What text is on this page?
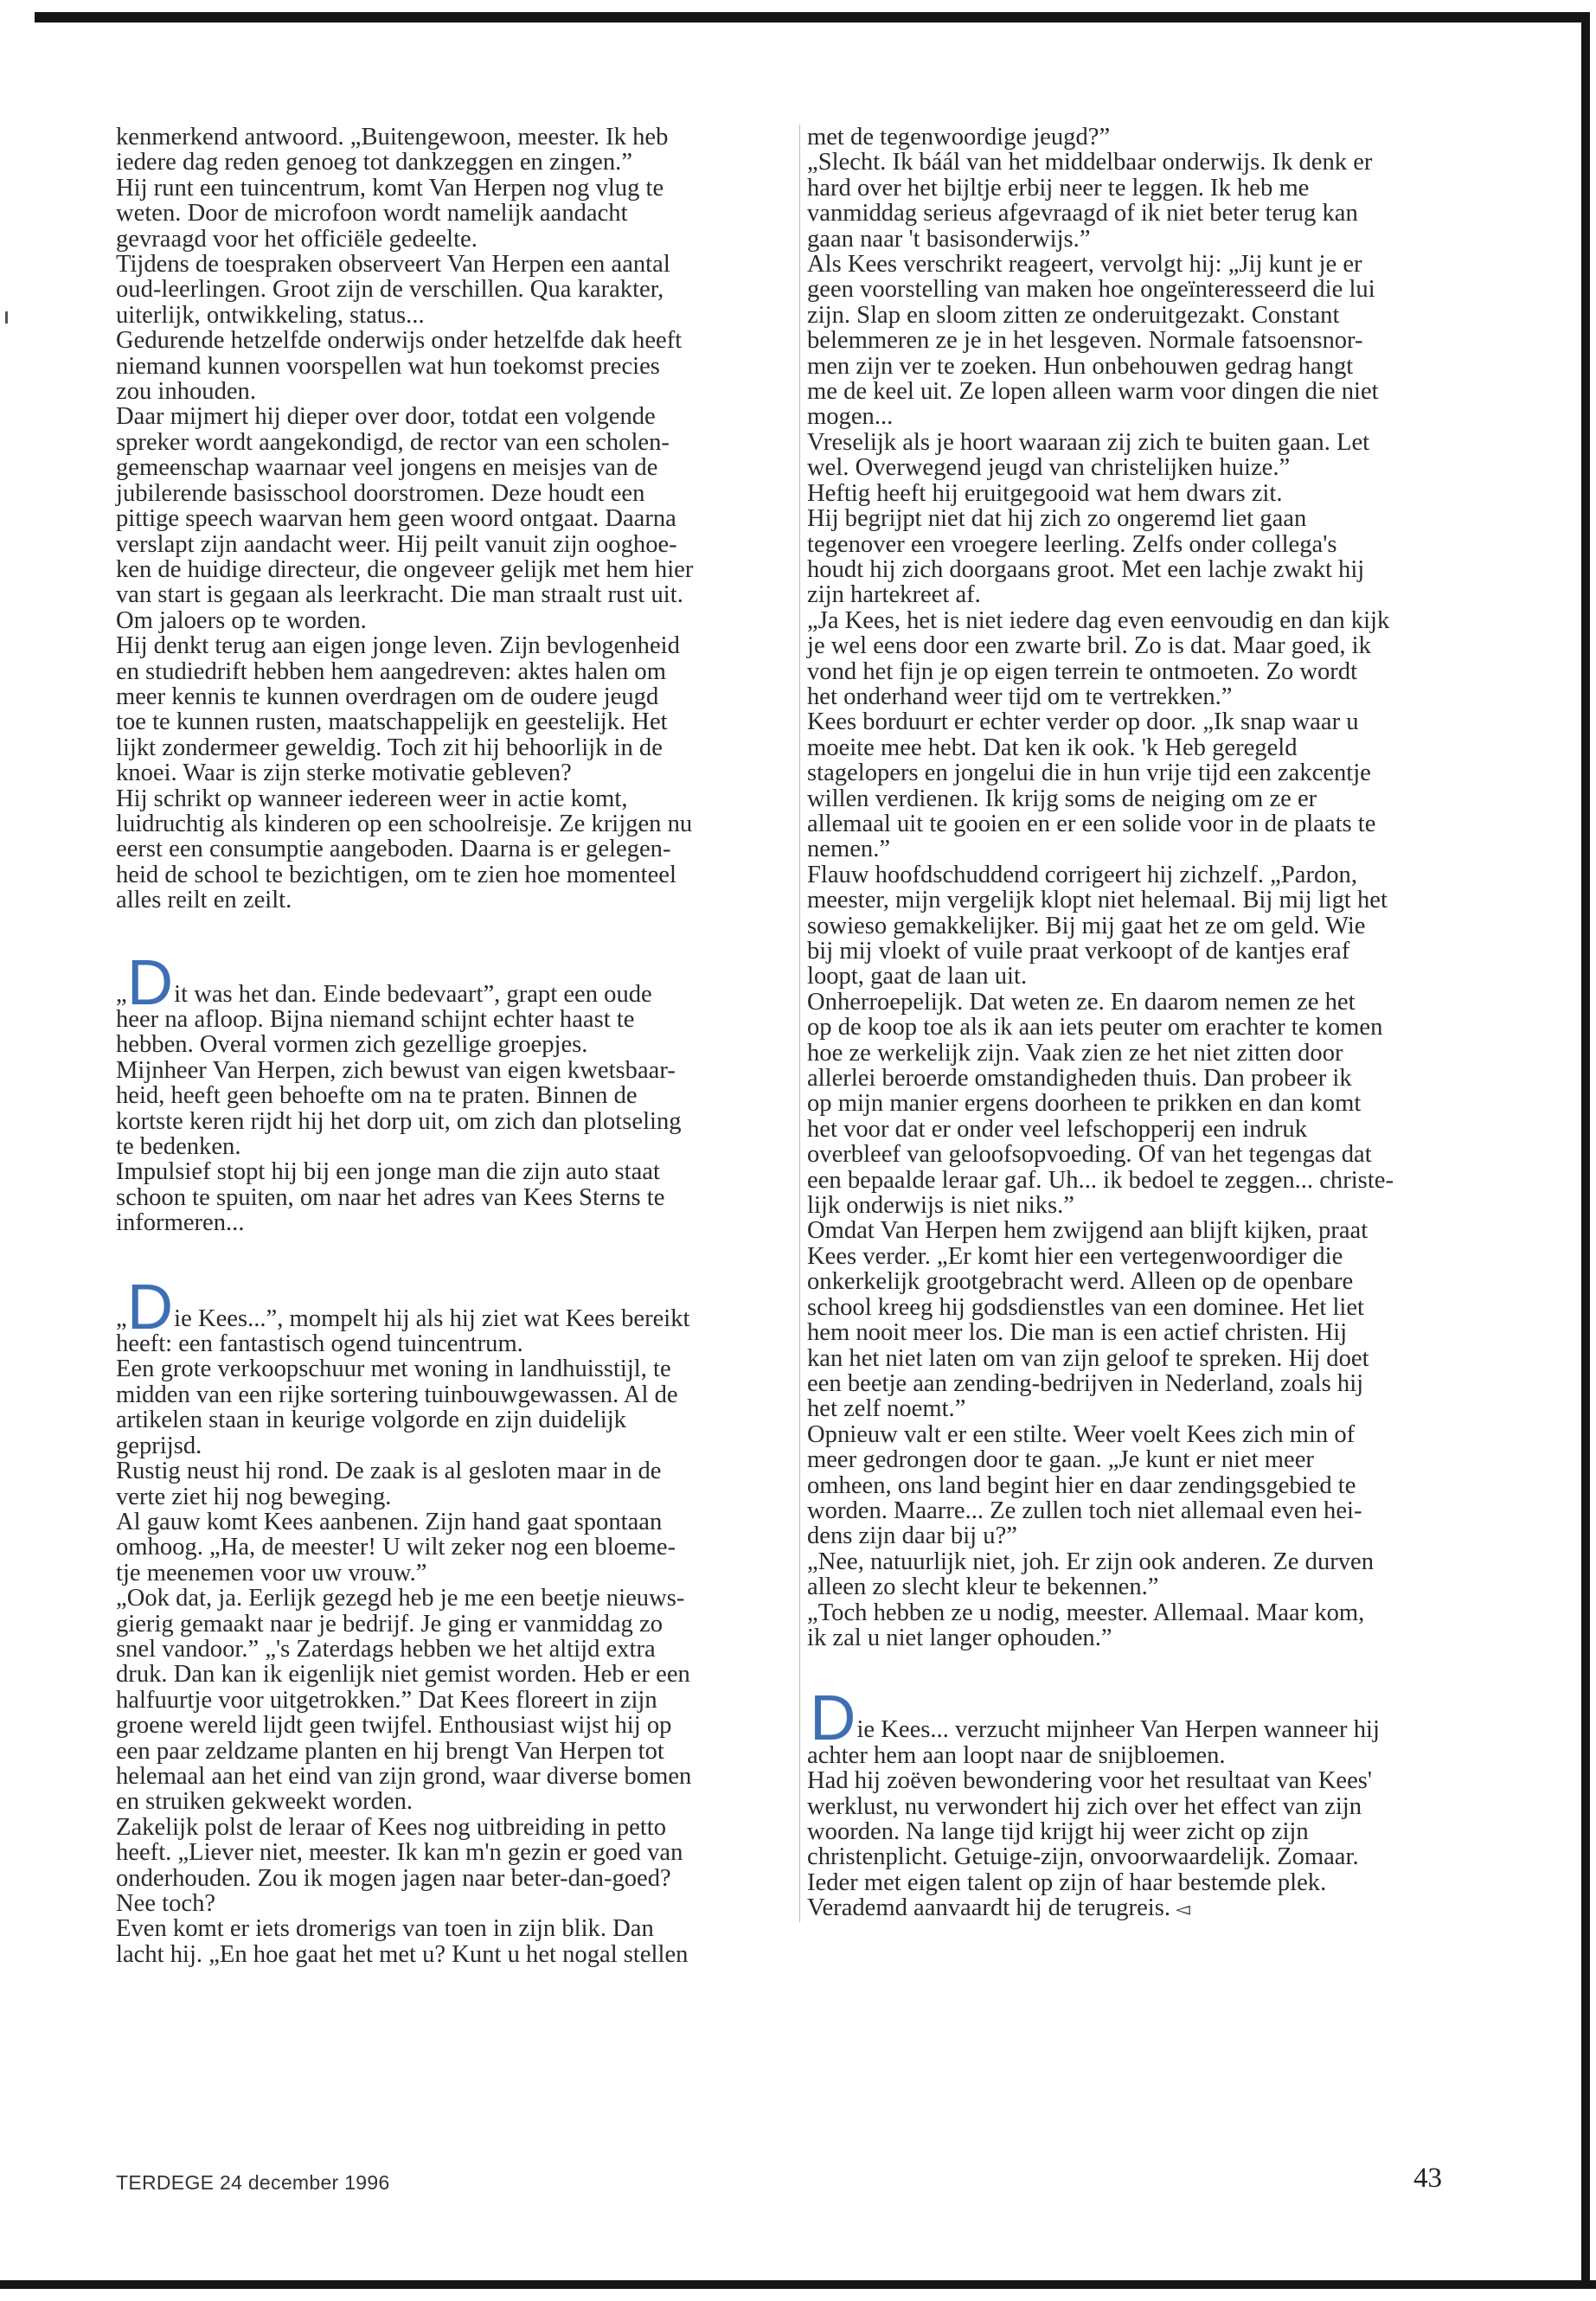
kenmerkend antwoord. „Buitengewoon, meester. Ik heb
iedere dag reden genoeg tot dankzeggen en zingen.”
Hij runt een tuincentrum, komt Van Herpen nog vlug te
weten. Door de microfoon wordt namelijk aandacht
gevraagd voor het officiële gedeelte.
Tijdens de toespraken observeert Van Herpen een aantal
oud-leerlingen. Groot zijn de verschillen. Qua karakter,
uiterlijk, ontwikkeling, status...
Gedurende hetzelfde onderwijs onder hetzelfde dak heeft
niemand kunnen voorspellen wat hun toekomst precies
zou inhouden.
Daar mijmert hij dieper over door, totdat een volgende
spreker wordt aangekondigd, de rector van een scholen-
gemeenschap waarnaar veel jongens en meisjes van de
jubilerende basisschool doorstromen. Deze houdt een
pittige speech waarvan hem geen woord ontgaat. Daarna
verslapt zijn aandacht weer. Hij peilt vanuit zijn ooghoe-
ken de huidige directeur, die ongeveer gelijk met hem hier
van start is gegaan als leerkracht. Die man straalt rust uit.
Om jaloers op te worden.
Hij denkt terug aan eigen jonge leven. Zijn bevlogenheid
en studiedrift hebben hem aangedreven: aktes halen om
meer kennis te kunnen overdragen om de oudere jeugd
toe te kunnen rusten, maatschappelijk en geestelijk. Het
lijkt zondermeer geweldig. Toch zit hij behoorlijk in de
knoei. Waar is zijn sterke motivatie gebleven?
Hij schrikt op wanneer iedereen weer in actie komt,
luidruchtig als kinderen op een schoolreisje. Ze krijgen nu
eerst een consumptie aangeboden. Daarna is er gelegen-
heid de school te bezichtigen, om te zien hoe momenteel
alles reilt en zeilt.
„Dit was het dan. Einde bedevaart”, grapt een oude
heer na afloop. Bijna niemand schijnt echter haast te
hebben. Overal vormen zich gezellige groepjes.
Mijnheer Van Herpen, zich bewust van eigen kwetsbaar-
heid, heeft geen behoefte om na te praten. Binnen de
kortste keren rijdt hij het dorp uit, om zich dan plotseling
te bedenken.
Impulsief stopt hij bij een jonge man die zijn auto staat
schoon te spuiten, om naar het adres van Kees Sterns te
informeren...
„Die Kees...”, mompelt hij als hij ziet wat Kees bereikt
heeft: een fantastisch ogend tuincentrum.
Een grote verkoopschuur met woning in landhuisstijl, te
midden van een rijke sortering tuinbouwgewassen. Al de
artikelen staan in keurige volgorde en zijn duidelijk
geprijsd.
Rustig neust hij rond. De zaak is al gesloten maar in de
verte ziet hij nog beweging.
Al gauw komt Kees aanbenen. Zijn hand gaat spontaan
omhoog. „Ha, de meester! U wilt zeker nog een bloeme-
tje meenemen voor uw vrouw.”
„Ook dat, ja. Eerlijk gezegd heb je me een beetje nieuws-
gierig gemaakt naar je bedrijf. Je ging er vanmiddag zo
snel vandoor.” „'s Zaterdags hebben we het altijd extra
druk. Dan kan ik eigenlijk niet gemist worden. Heb er een
halfuurtje voor uitgetrokken.” Dat Kees floreert in zijn
groene wereld lijdt geen twijfel. Enthousiast wijst hij op
een paar zeldzame planten en hij brengt Van Herpen tot
helemaal aan het eind van zijn grond, waar diverse bomen
en struiken gekweekt worden.
Zakelijk polst de leraar of Kees nog uitbreiding in petto
heeft. „Liever niet, meester. Ik kan m'n gezin er goed van
onderhouden. Zou ik mogen jagen naar beter-dan-goed?
Nee toch?
Even komt er iets dromerigs van toen in zijn blik. Dan
lacht hij. „En hoe gaat het met u? Kunt u het nogal stellen
met de tegenwoordige jeugd?”
„Slecht. Ik báál van het middelbaar onderwijs. Ik denk er
hard over het bijltje erbij neer te leggen. Ik heb me
vanmiddag serieus afgevraagd of ik niet beter terug kan
gaan naar 't basisonderwijs.”
Als Kees verschrikt reageert, vervolgt hij: „Jij kunt je er
geen voorstelling van maken hoe ongeïnteresseerd die lui
zijn. Slap en sloom zitten ze onderuitgezakt. Constant
belemmeren ze je in het lesgeven. Normale fatsoensnor-
men zijn ver te zoeken. Hun onbehouwen gedrag hangt
me de keel uit. Ze lopen alleen warm voor dingen die niet
mogen...
Vreselijk als je hoort waaraan zij zich te buiten gaan. Let
wel. Overwegend jeugd van christelijken huize.”
Heftig heeft hij eruitgegooid wat hem dwars zit.
Hij begrijpt niet dat hij zich zo ongeremd liet gaan
tegenover een vroegere leerling. Zelfs onder collega's
houdt hij zich doorgaans groot. Met een lachje zwakt hij
zijn hartekreet af.
„Ja Kees, het is niet iedere dag even eenvoudig en dan kijk
je wel eens door een zwarte bril. Zo is dat. Maar goed, ik
vond het fijn je op eigen terrein te ontmoeten. Zo wordt
het onderhand weer tijd om te vertrekken.”
Kees borduurt er echter verder op door. „Ik snap waar u
moeite mee hebt. Dat ken ik ook. 'k Heb geregeld
stagelopers en jongelui die in hun vrije tijd een zakcentje
willen verdienen. Ik krijg soms de neiging om ze er
allemaal uit te gooien en er een solide voor in de plaats te
nemen.”
Flauw hoofdschuddend corrigeert hij zichzelf. „Pardon,
meester, mijn vergelijk klopt niet helemaal. Bij mij ligt het
sowieso gemakkelijker. Bij mij gaat het ze om geld. Wie
bij mij vloekt of vuile praat verkoopt of de kantjes eraf
loopt, gaat de laan uit.
Onherroepelijk. Dat weten ze. En daarom nemen ze het
op de koop toe als ik aan iets peuter om erachter te komen
hoe ze werkelijk zijn. Vaak zien ze het niet zitten door
allerlei beroerde omstandigheden thuis. Dan probeer ik
op mijn manier ergens doorheen te prikken en dan komt
het voor dat er onder veel lefschopperij een indruk
overbleef van geloofsopvoeding. Of van het tegengas dat
een bepaalde leraar gaf. Uh... ik bedoel te zeggen... christe-
lijk onderwijs is niet niks.”
Omdat Van Herpen hem zwijgend aan blijft kijken, praat
Kees verder. „Er komt hier een vertegenwoordiger die
onkerkelijk grootgebracht werd. Alleen op de openbare
school kreeg hij godsdienstles van een dominee. Het liet
hem nooit meer los. Die man is een actief christen. Hij
kan het niet laten om van zijn geloof te spreken. Hij doet
een beetje aan zending-bedrijven in Nederland, zoals hij
het zelf noemt.”
Opnieuw valt er een stilte. Weer voelt Kees zich min of
meer gedrongen door te gaan. „Je kunt er niet meer
omheen, ons land begint hier en daar zendingsgebied te
worden. Maarre... Ze zullen toch niet allemaal even hei-
dens zijn daar bij u?”
„Nee, natuurlijk niet, joh. Er zijn ook anderen. Ze durven
alleen zo slecht kleur te bekennen.”
„Toch hebben ze u nodig, meester. Allemaal. Maar kom,
ik zal u niet langer ophouden.”
Die Kees... verzucht mijnheer Van Herpen wanneer hij
achter hem aan loopt naar de snijbloemen.
Had hij zoëven bewondering voor het resultaat van Kees'
werklust, nu verwondert hij zich over het effect van zijn
woorden. Na lange tijd krijgt hij weer zicht op zijn
christenplicht. Getuige-zijn, onvoorwaardelijk. Zomaar.
Ieder met eigen talent op zijn of haar bestemde plek.
Verademd aanvaardt hij de terugreis. ◅
TERDEGE 24 december 1996	43
